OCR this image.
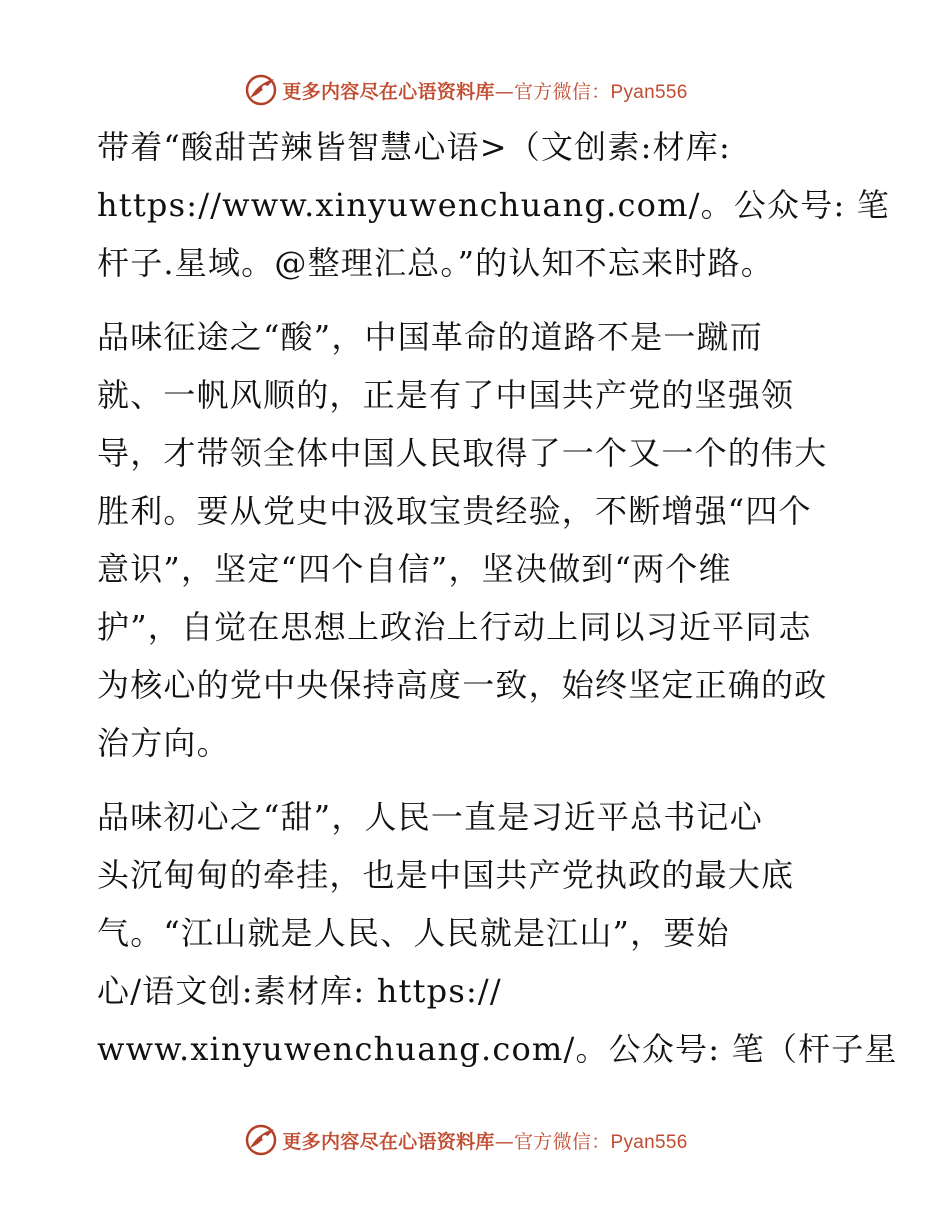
更多内容尽在心语资料库—官方微信：Pyan556
带着“酸甜苦辣皆智慧心语>（文创素:材库:
https://www.xinyuwenchuang.com/。公众号: 笔
杆子.星域。@整理汇总。”的认知不忘来时路。
品味征途之“酸”，中国革命的道路不是一蹴而
就、一帆风顺的，正是有了中国共产党的坚强领
导，才带领全体中国人民取得了一个又一个的伟大
胜利。要从党史中汲取宝贵经验，不断增强“四个
意识”，坚定“四个自信”，坚决做到“两个维
护”，自觉在思想上政治上行动上同以习近平同志
为核心的党中央保持高度一致，始终坚定正确的政
治方向。
品味初心之“甜”，人民一直是习近平总书记心
头沉甸甸的牵挂，也是中国共产党执政的最大底
气。“江山就是人民、人民就是江山”，要始
心/语文创:素材库: https://
www.xinyuwenchuang.com/。公众号: 笔（杆子星
更多内容尽在心语资料库—官方微信：Pyan556
